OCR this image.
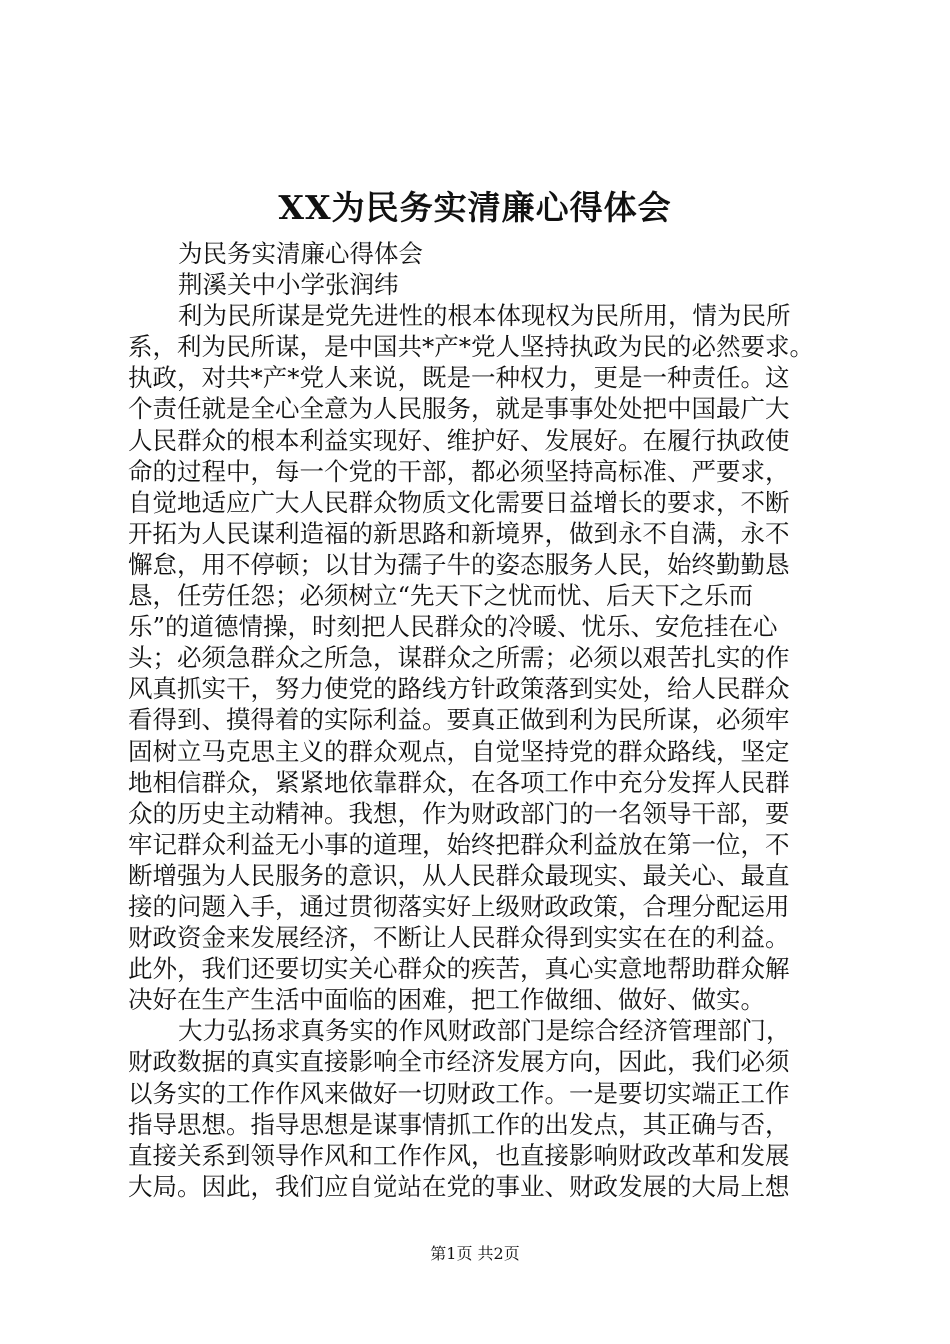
XX为民务实清廉心得体会
为民务实清廉心得体会
荆溪关中小学张润纬
利为民所谋是党先进性的根本体现权为民所用，情为民所
系，利为民所谋，是中国共*产*党人坚持执政为民的必然要求。
执政，对共*产*党人来说，既是一种权力，更是一种责任。这
个责任就是全心全意为人民服务，就是事事处处把中国最广大
人民群众的根本利益实现好、维护好、发展好。在履行执政使
命的过程中，每一个党的干部，都必须坚持高标准、严要求，
自觉地适应广大人民群众物质文化需要日益增长的要求，不断
开拓为人民谋利造福的新思路和新境界，做到永不自满，永不
懈怠，用不停顿；以甘为孺子牛的姿态服务人民，始终勤勤恳
恳，任劳任怨；必须树立“先天下之忧而忧、后天下之乐而
乐”的道德情操，时刻把人民群众的冷暖、忧乐、安危挂在心
头；必须急群众之所急，谋群众之所需；必须以艰苦扎实的作
风真抓实干，努力使党的路线方针政策落到实处，给人民群众
看得到、摸得着的实际利益。要真正做到利为民所谋，必须牢
固树立马克思主义的群众观点，自觉坚持党的群众路线，坚定
地相信群众，紧紧地依靠群众，在各项工作中充分发挥人民群
众的历史主动精神。我想，作为财政部门的一名领导干部，要
牢记群众利益无小事的道理，始终把群众利益放在第一位，不
断增强为人民服务的意识，从人民群众最现实、最关心、最直
接的问题入手，通过贯彻落实好上级财政政策，合理分配运用
财政资金来发展经济，不断让人民群众得到实实在在的利益。
此外，我们还要切实关心群众的疾苦，真心实意地帮助群众解
决好在生产生活中面临的困难，把工作做细、做好、做实。
大力弘扬求真务实的作风财政部门是综合经济管理部门，
财政数据的真实直接影响全市经济发展方向，因此，我们必须
以务实的工作作风来做好一切财政工作。一是要切实端正工作
指导思想。指导思想是谋事情抓工作的出发点，其正确与否，
直接关系到领导作风和工作作风，也直接影响财政改革和发展
大局。因此，我们应自觉站在党的事业、财政发展的大局上想
第1页 共2页
